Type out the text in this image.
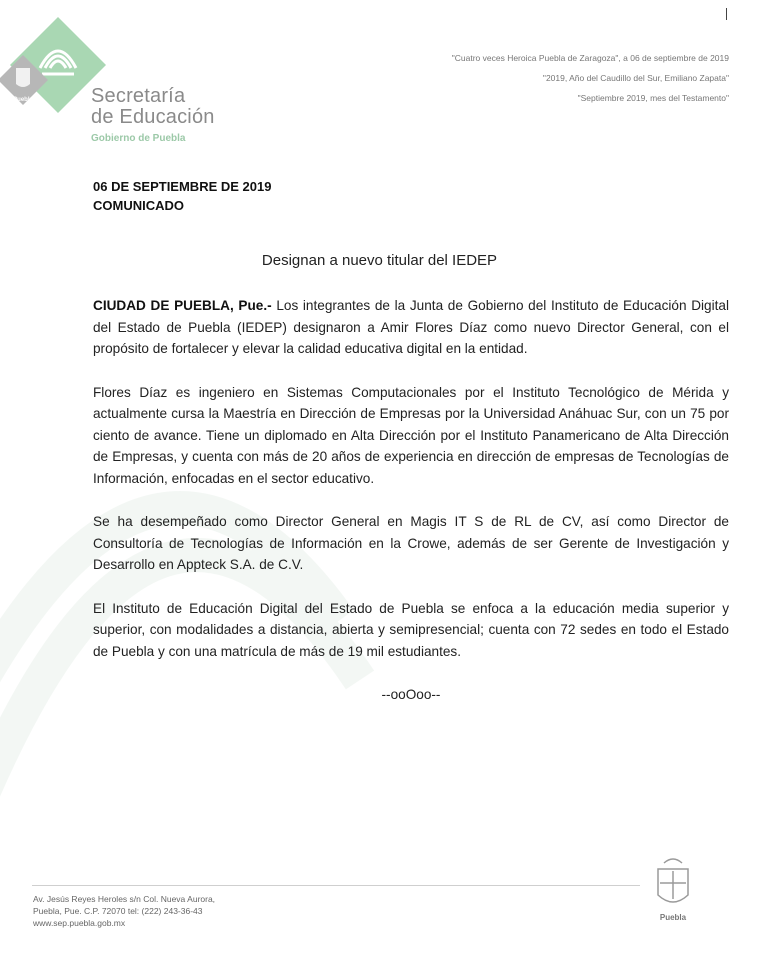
Puebla	Secretaría
de Educación
Gobierno de Puebla
"Cuatro veces Heroica Puebla de Zaragoza", a 06 de septiembre de 2019
"2019, Año del Caudillo del Sur, Emiliano Zapata"
"Septiembre 2019, mes del Testamento"
06 DE SEPTIEMBRE DE 2019
COMUNICADO
Designan a nuevo titular del IEDEP

CIUDAD DE PUEBLA, Pue.- Los integrantes de la Junta de Gobierno del Instituto de Educación Digital del Estado de Puebla (IEDEP) designaron a Amir Flores Díaz como nuevo Director General, con el propósito de fortalecer y elevar la calidad educativa digital en la entidad.

Flores Díaz es ingeniero en Sistemas Computacionales por el Instituto Tecnológico de Mérida y actualmente cursa la Maestría en Dirección de Empresas por la Universidad Anáhuac Sur, con un 75 por ciento de avance. Tiene un diplomado en Alta Dirección por el Instituto Panamericano de Alta Dirección de Empresas, y cuenta con más de 20 años de experiencia en dirección de empresas de Tecnologías de Información, enfocadas en el sector educativo.

Se ha desempeñado como Director General en Magis IT S de RL de CV, así como Director de Consultoría de Tecnologías de Información en la Crowe, además de ser Gerente de Investigación y Desarrollo en Appteck S.A. de C.V.

El Instituto de Educación Digital del Estado de Puebla se enfoca a la educación media superior y superior, con modalidades a distancia, abierta y semipresencial; cuenta con 72 sedes en todo el Estado de Puebla y con una matrícula de más de 19 mil estudiantes.

--ooOoo--
Av. Jesús Reyes Heroles s/n Col. Nueva Aurora,
Puebla, Pue. C.P. 72070 tel: (222) 243-36-43
www.sep.puebla.gob.mx
Puebla
